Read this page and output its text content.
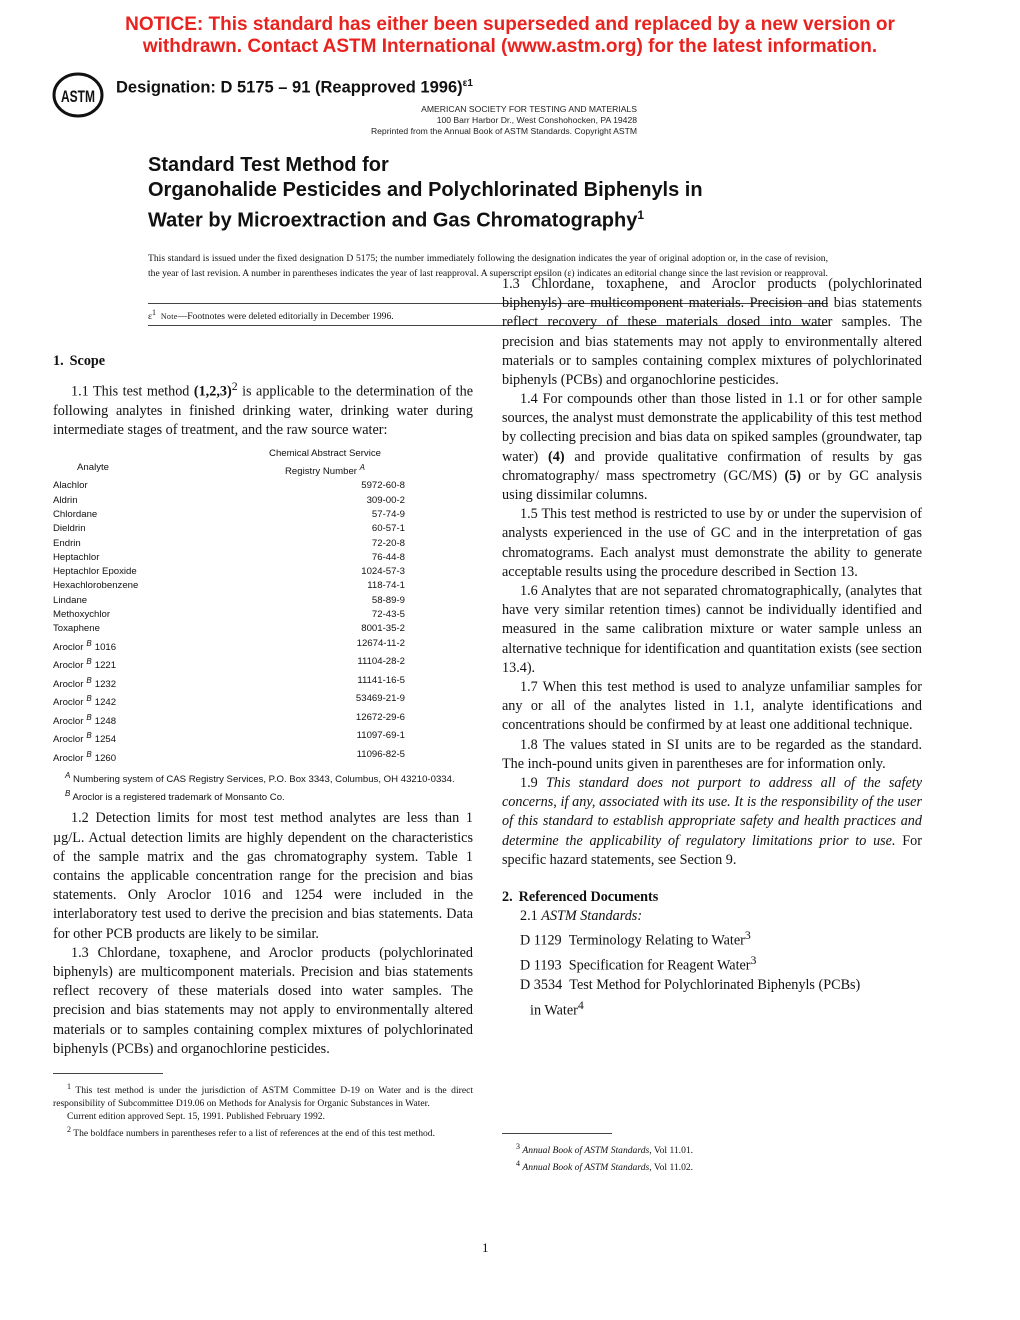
NOTICE: This standard has either been superseded and replaced by a new version or
withdrawn. Contact ASTM International (www.astm.org) for the latest information.
ASTM Designation: D 5175 – 91 (Reapproved 1996)$^{\varepsilon 1}$
AMERICAN SOCIETY FOR TESTING AND MATERIALS
100 Barr Harbor Dr., West Conshohocken, PA 19428
Reprinted from the Annual Book of ASTM Standards. Copyright ASTM
Standard Test Method for
Organohalide Pesticides and Polychlorinated Biphenyls in
Water by Microextraction and Gas Chromatography$^1$
This standard is issued under the fixed designation D 5175; the number immediately following the designation indicates the year of original adoption or, in the case of revision, the year of last revision. A number in parentheses indicates the year of last reapproval. A superscript epsilon (ε) indicates an editorial change since the last revision or reapproval.
$\varepsilon^1$ Note—Footnotes were deleted editorially in December 1996.

1. Scope

1.1 This test method $(1,2,3)^2$ is applicable to the determination of the following analytes in finished drinking water, drinking water during intermediate stages of treatment, and the raw source water:

Chemical Abstract Service
Analyte	Registry Number $^A$
Alachlor	5972-60-8
Aldrin	309-00-2
Chlordane	57-74-9
Dieldrin	60-57-1
Endrin	72-20-8
Heptachlor	76-44-8
Heptachlor Epoxide	1024-57-3
Hexachlorobenzene	118-74-1
Lindane	58-89-9
Methoxychlor	72-43-5
Toxaphene	8001-35-2
Aroclor $^B$ 1016	12674-11-2
Aroclor $^B$ 1221	11104-28-2
Aroclor $^B$ 1232	11141-16-5
Aroclor $^B$ 1242	53469-21-9
Aroclor $^B$ 1248	12672-29-6
Aroclor $^B$ 1254	11097-69-1
Aroclor $^B$ 1260	11096-82-5
$^A$ Numbering system of CAS Registry Services, P.O. Box 3343, Columbus, OH 43210-0334.
$^B$ Aroclor is a registered trademark of Monsanto Co.

1.2 Detection limits for most test method analytes are less than 1 µg/L. Actual detection limits are highly dependent on the characteristics of the sample matrix and the gas chromatography system. Table 1 contains the applicable concentration range for the precision and bias statements. Only Aroclor 1016 and 1254 were included in the interlaboratory test used to derive the precision and bias statements. Data for other PCB products are likely to be similar.

1.3 Chlordane, toxaphene, and Aroclor products (polychlorinated biphenyls) are multicomponent materials. Precision and bias statements reflect recovery of these materials dosed into water samples. The precision and bias statements may not apply to environmentally altered materials or to samples containing complex mixtures of polychlorinated biphenyls (PCBs) and organochlorine pesticides.

$^1$ This test method is under the jurisdiction of ASTM Committee D-19 on Water and is the direct responsibility of Subcommittee D19.06 on Methods for Analysis for Organic Substances in Water.
Current edition approved Sept. 15, 1991. Published February 1992.
$^2$ The boldface numbers in parentheses refer to a list of references at the end of this test method.

1.3 Chlordane, toxaphene, and Aroclor products (polychlorinated biphenyls) are multicomponent materials. Precision and bias statements reflect recovery of these materials dosed into water samples. The precision and bias statements may not apply to environmentally altered materials or to samples containing complex mixtures of polychlorinated biphenyls (PCBs) and organochlorine pesticides.

1.4 For compounds other than those listed in 1.1 or for other sample sources, the analyst must demonstrate the applicability of this test method by collecting precision and bias data on spiked samples (groundwater, tap water) (4) and provide qualitative confirmation of results by gas chromatography/ mass spectrometry (GC/MS) (5) or by GC analysis using dissimilar columns.

1.5 This test method is restricted to use by or under the supervision of analysts experienced in the use of GC and in the interpretation of gas chromatograms. Each analyst must demonstrate the ability to generate acceptable results using the procedure described in Section 13.

1.6 Analytes that are not separated chromatographically, (analytes that have very similar retention times) cannot be individually identified and measured in the same calibration mixture or water sample unless an alternative technique for identification and quantitation exists (see section 13.4).

1.7 When this test method is used to analyze unfamiliar samples for any or all of the analytes listed in 1.1, analyte identifications and concentrations should be confirmed by at least one additional technique.

1.8 The values stated in SI units are to be regarded as the standard. The inch-pound units given in parentheses are for information only.

1.9 This standard does not purport to address all of the safety concerns, if any, associated with its use. It is the responsibility of the user of this standard to establish appropriate safety and health practices and determine the applicability of regulatory limitations prior to use. For specific hazard statements, see Section 9.

2. Referenced Documents

2.1 ASTM Standards:
D 1129 Terminology Relating to Water$^3$
D 1193 Specification for Reagent Water$^3$
D 3534 Test Method for Polychlorinated Biphenyls (PCBs)
in Water$^4$
$^3$ Annual Book of ASTM Standards, Vol 11.01.
$^4$ Annual Book of ASTM Standards, Vol 11.02.
1
